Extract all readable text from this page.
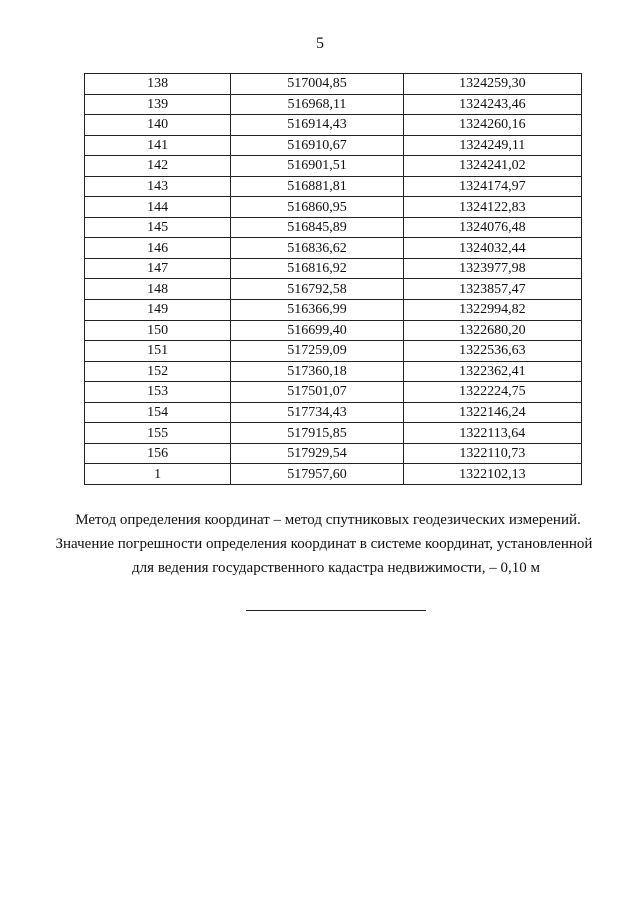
5
138	517004,85	1324259,30
139	516968,11	1324243,46
140	516914,43	1324260,16
141	516910,67	1324249,11
142	516901,51	1324241,02
143	516881,81	1324174,97
144	516860,95	1324122,83
145	516845,89	1324076,48
146	516836,62	1324032,44
147	516816,92	1323977,98
148	516792,58	1323857,47
149	516366,99	1322994,82
150	516699,40	1322680,20
151	517259,09	1322536,63
152	517360,18	1322362,41
153	517501,07	1322224,75
154	517734,43	1322146,24
155	517915,85	1322113,64
156	517929,54	1322110,73
1	517957,60	1322102,13
Метод определения координат – метод спутниковых геодезических измерений.
Значение погрешности определения координат в системе координат, установленной
для ведения государственного кадастра недвижимости, – 0,10 м
